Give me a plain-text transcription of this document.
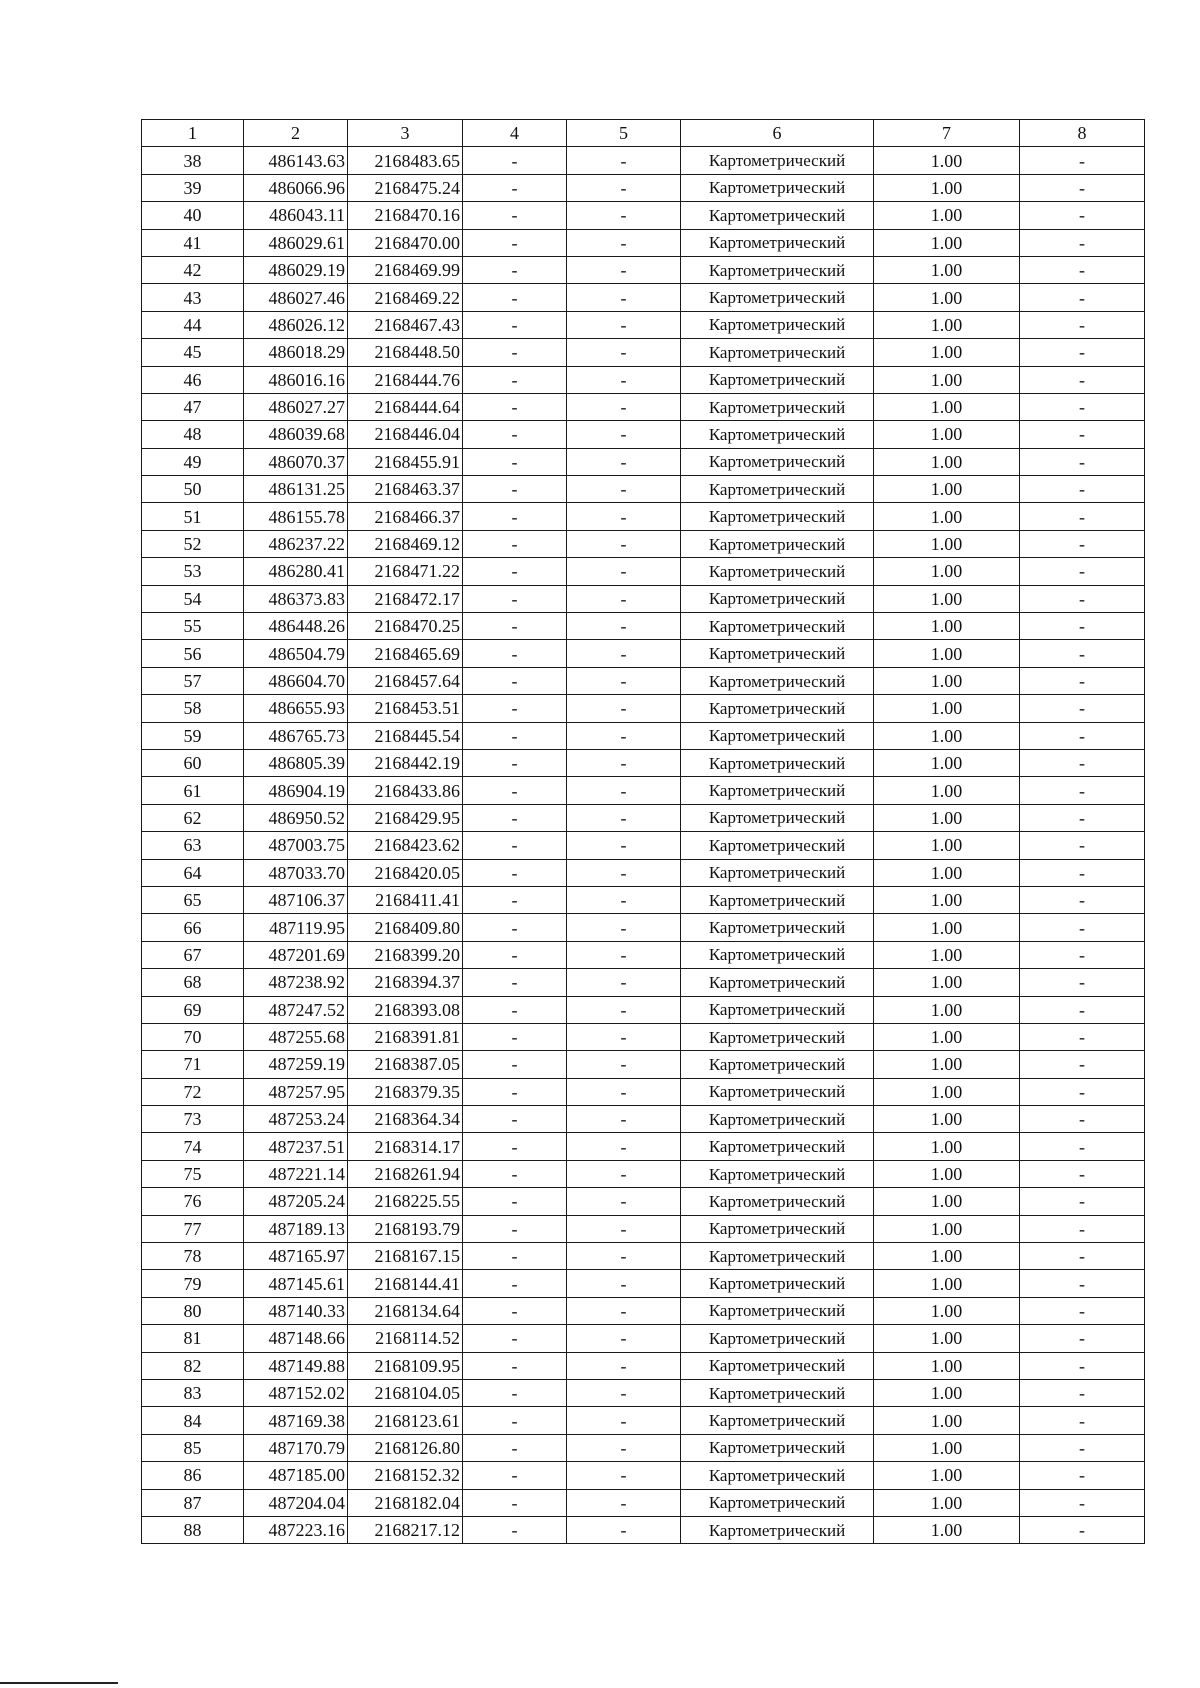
1	2	3	4	5	6	7	8
38	486143.63	2168483.65	-	-	Картометрический	1.00	-
39	486066.96	2168475.24	-	-	Картометрический	1.00	-
40	486043.11	2168470.16	-	-	Картометрический	1.00	-
41	486029.61	2168470.00	-	-	Картометрический	1.00	-
42	486029.19	2168469.99	-	-	Картометрический	1.00	-
43	486027.46	2168469.22	-	-	Картометрический	1.00	-
44	486026.12	2168467.43	-	-	Картометрический	1.00	-
45	486018.29	2168448.50	-	-	Картометрический	1.00	-
46	486016.16	2168444.76	-	-	Картометрический	1.00	-
47	486027.27	2168444.64	-	-	Картометрический	1.00	-
48	486039.68	2168446.04	-	-	Картометрический	1.00	-
49	486070.37	2168455.91	-	-	Картометрический	1.00	-
50	486131.25	2168463.37	-	-	Картометрический	1.00	-
51	486155.78	2168466.37	-	-	Картометрический	1.00	-
52	486237.22	2168469.12	-	-	Картометрический	1.00	-
53	486280.41	2168471.22	-	-	Картометрический	1.00	-
54	486373.83	2168472.17	-	-	Картометрический	1.00	-
55	486448.26	2168470.25	-	-	Картометрический	1.00	-
56	486504.79	2168465.69	-	-	Картометрический	1.00	-
57	486604.70	2168457.64	-	-	Картометрический	1.00	-
58	486655.93	2168453.51	-	-	Картометрический	1.00	-
59	486765.73	2168445.54	-	-	Картометрический	1.00	-
60	486805.39	2168442.19	-	-	Картометрический	1.00	-
61	486904.19	2168433.86	-	-	Картометрический	1.00	-
62	486950.52	2168429.95	-	-	Картометрический	1.00	-
63	487003.75	2168423.62	-	-	Картометрический	1.00	-
64	487033.70	2168420.05	-	-	Картометрический	1.00	-
65	487106.37	2168411.41	-	-	Картометрический	1.00	-
66	487119.95	2168409.80	-	-	Картометрический	1.00	-
67	487201.69	2168399.20	-	-	Картометрический	1.00	-
68	487238.92	2168394.37	-	-	Картометрический	1.00	-
69	487247.52	2168393.08	-	-	Картометрический	1.00	-
70	487255.68	2168391.81	-	-	Картометрический	1.00	-
71	487259.19	2168387.05	-	-	Картометрический	1.00	-
72	487257.95	2168379.35	-	-	Картометрический	1.00	-
73	487253.24	2168364.34	-	-	Картометрический	1.00	-
74	487237.51	2168314.17	-	-	Картометрический	1.00	-
75	487221.14	2168261.94	-	-	Картометрический	1.00	-
76	487205.24	2168225.55	-	-	Картометрический	1.00	-
77	487189.13	2168193.79	-	-	Картометрический	1.00	-
78	487165.97	2168167.15	-	-	Картометрический	1.00	-
79	487145.61	2168144.41	-	-	Картометрический	1.00	-
80	487140.33	2168134.64	-	-	Картометрический	1.00	-
81	487148.66	2168114.52	-	-	Картометрический	1.00	-
82	487149.88	2168109.95	-	-	Картометрический	1.00	-
83	487152.02	2168104.05	-	-	Картометрический	1.00	-
84	487169.38	2168123.61	-	-	Картометрический	1.00	-
85	487170.79	2168126.80	-	-	Картометрический	1.00	-
86	487185.00	2168152.32	-	-	Картометрический	1.00	-
87	487204.04	2168182.04	-	-	Картометрический	1.00	-
88	487223.16	2168217.12	-	-	Картометрический	1.00	-
